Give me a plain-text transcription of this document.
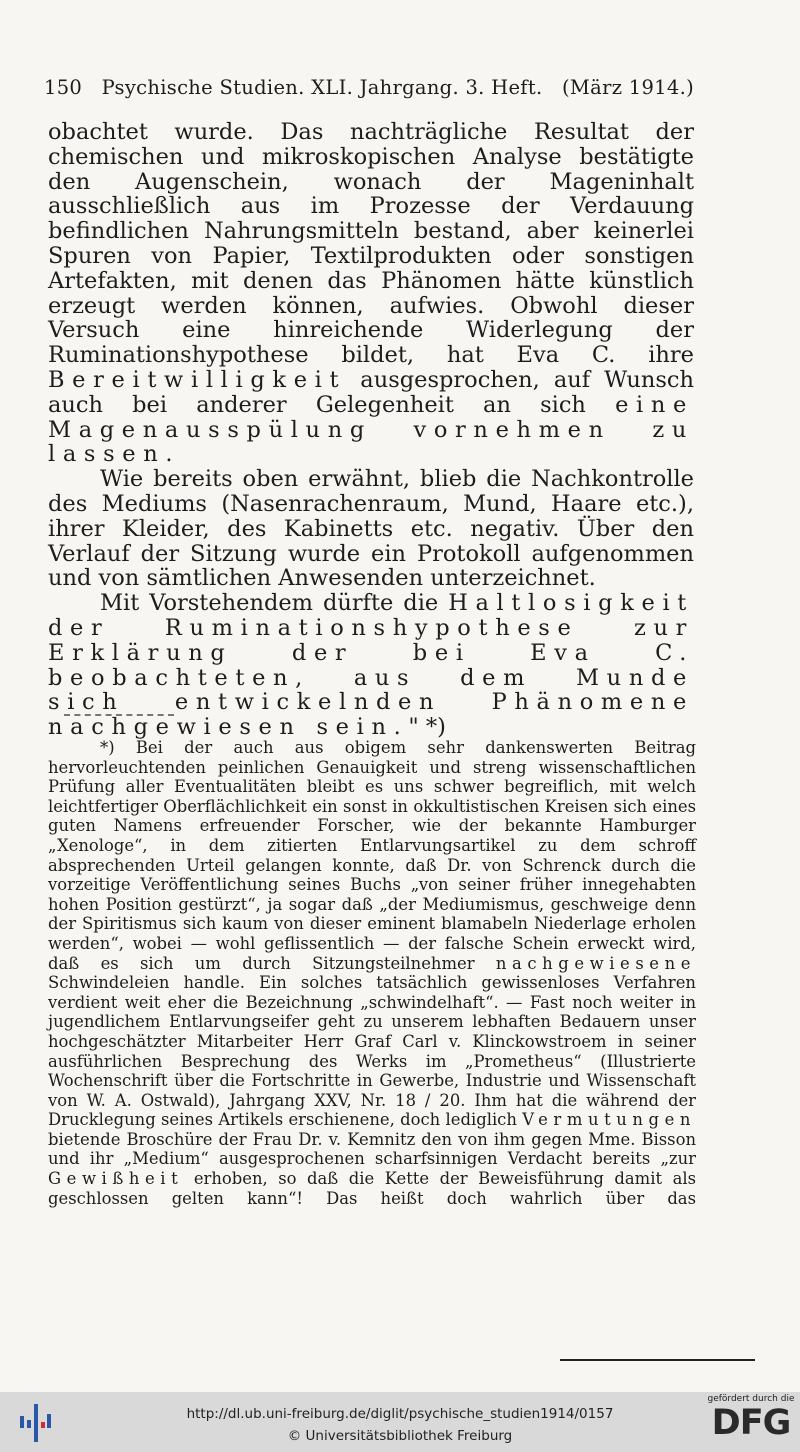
150 Psychische Studien. XLI. Jahrgang. 3. Heft. (März 1914.)

obachtet wurde. Das nachträgliche Resultat der chemischen und mikroskopischen Analyse bestätigte den Augenschein, wonach der Mageninhalt ausschließlich aus im Prozesse der Verdauung befindlichen Nahrungsmitteln bestand, aber keinerlei Spuren von Papier, Textilprodukten oder sonstigen Artefakten, mit denen das Phänomen hätte künstlich erzeugt werden können, aufwies. Obwohl dieser Versuch eine hinreichende Widerlegung der Ruminationshypothese bildet, hat Eva C. ihre Bereitwilligkeit ausgesprochen, auf Wunsch auch bei anderer Gelegenheit an sich eine Magenausspülung vornehmen zu lassen.

Wie bereits oben erwähnt, blieb die Nachkontrolle des Mediums (Nasenrachenraum, Mund, Haare etc.), ihrer Kleider, des Kabinetts etc. negativ. Über den Verlauf der Sitzung wurde ein Protokoll aufgenommen und von sämtlichen Anwesenden unterzeichnet.

Mit Vorstehendem dürfte die Haltlosigkeit der Ruminationshypothese zur Erklärung der bei Eva C. beobachteten, aus dem Munde sich entwickelnden Phänomene nachgewiesen sein." *)

*) Bei der auch aus obigem sehr dankenswerten Beitrag hervorleuchtenden peinlichen Genauigkeit und streng wissenschaftlichen Prüfung aller Eventualitäten bleibt es uns schwer begreiflich, mit welch leichtfertiger Oberflächlichkeit ein sonst in okkultistischen Kreisen sich eines guten Namens erfreuender Forscher, wie der bekannte Hamburger „Xenologe“, in dem zitierten Entlarvungsartikel zu dem schroff absprechenden Urteil gelangen konnte, daß Dr. von Schrenck durch die vorzeitige Veröffentlichung seines Buchs „von seiner früher innegehabten hohen Position gestürzt“, ja sogar daß „der Mediumismus, geschweige denn der Spiritismus sich kaum von dieser eminent blamabeln Niederlage erholen werden“, wobei — wohl geflissentlich — der falsche Schein erweckt wird, daß es sich um durch Sitzungsteilnehmer nachgewiesene Schwindeleien handle. Ein solches tatsächlich gewissenloses Verfahren verdient weit eher die Bezeichnung „schwindelhaft“. — Fast noch weiter in jugendlichem Entlarvungseifer geht zu unserem lebhaften Bedauern unser hochgeschätzter Mitarbeiter Herr Graf Carl v. Klinckowstroem in seiner ausführlichen Besprechung des Werks im „Prometheus“ (Illustrierte Wochenschrift über die Fortschritte in Gewerbe, Industrie und Wissenschaft von W. A. Ostwald), Jahrgang XXV, Nr. 18 / 20. Ihm hat die während der Drucklegung seines Artikels erschienene, doch lediglich Vermutungen bietende Broschüre der Frau Dr. v. Kemnitz den von ihm gegen Mme. Bisson und ihr „Medium“ ausgesprochenen scharfsinnigen Verdacht bereits „zur Gewißheit erhoben, so daß die Kette der Beweisführung damit als geschlossen gelten kann“! Das heißt doch wahrlich über das

http://dl.ub.uni-freiburg.de/diglit/psychische_studien1914/0157
© Universitätsbibliothek Freiburg
gefördert durch die
DFG
